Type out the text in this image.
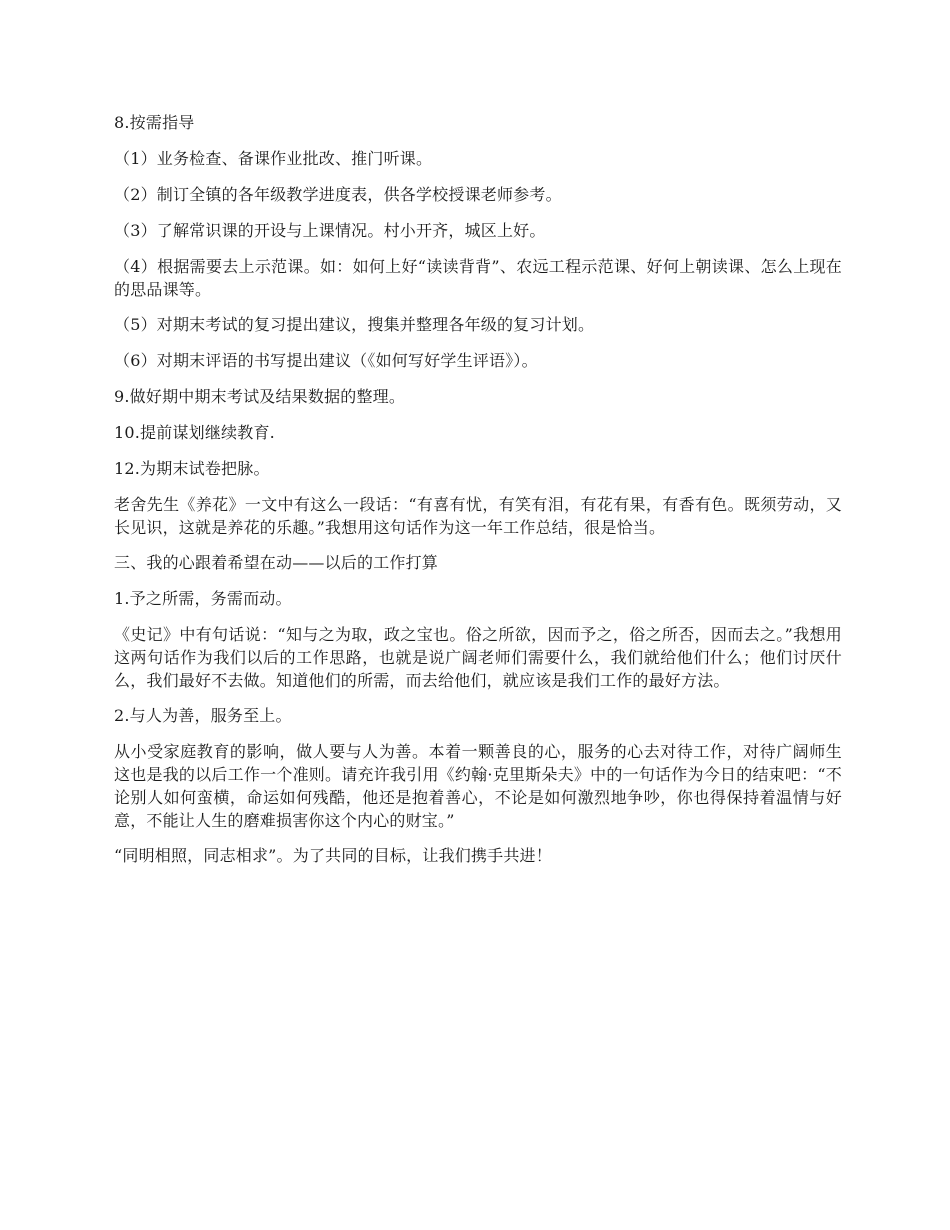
8.按需指导

（1）业务检查、备课作业批改、推门听课。

（2）制订全镇的各年级教学进度表，供各学校授课老师参考。

（3）了解常识课的开设与上课情况。村小开齐，城区上好。

（4）根据需要去上示范课。如：如何上好“读读背背”、农远工程示范课、好何上朝读课、怎么上现在的思品课等。

（5）对期末考试的复习提出建议，搜集并整理各年级的复习计划。

（6）对期末评语的书写提出建议（《如何写好学生评语》）。

9.做好期中期末考试及结果数据的整理。

10.提前谋划继续教育.

12.为期末试卷把脉。

老舍先生《养花》一文中有这么一段话：“有喜有忧，有笑有泪，有花有果，有香有色。既须劳动，又长见识，这就是养花的乐趣。”我想用这句话作为这一年工作总结，很是恰当。

三、我的心跟着希望在动——以后的工作打算

1.予之所需，务需而动。

《史记》中有句话说：“知与之为取，政之宝也。俗之所欲，因而予之，俗之所否，因而去之。”我想用这两句话作为我们以后的工作思路，也就是说广阔老师们需要什么，我们就给他们什么；他们讨厌什么，我们最好不去做。知道他们的所需，而去给他们，就应该是我们工作的最好方法。

2.与人为善，服务至上。

从小受家庭教育的影响，做人要与人为善。本着一颗善良的心，服务的心去对待工作，对待广阔师生这也是我的以后工作一个准则。请充许我引用《约翰·克里斯朵夫》中的一句话作为今日的结束吧：“不论别人如何蛮横，命运如何残酷，他还是抱着善心，不论是如何激烈地争吵，你也得保持着温情与好意，不能让人生的磨难损害你这个内心的财宝。”

“同明相照，同志相求”。为了共同的目标，让我们携手共进！
